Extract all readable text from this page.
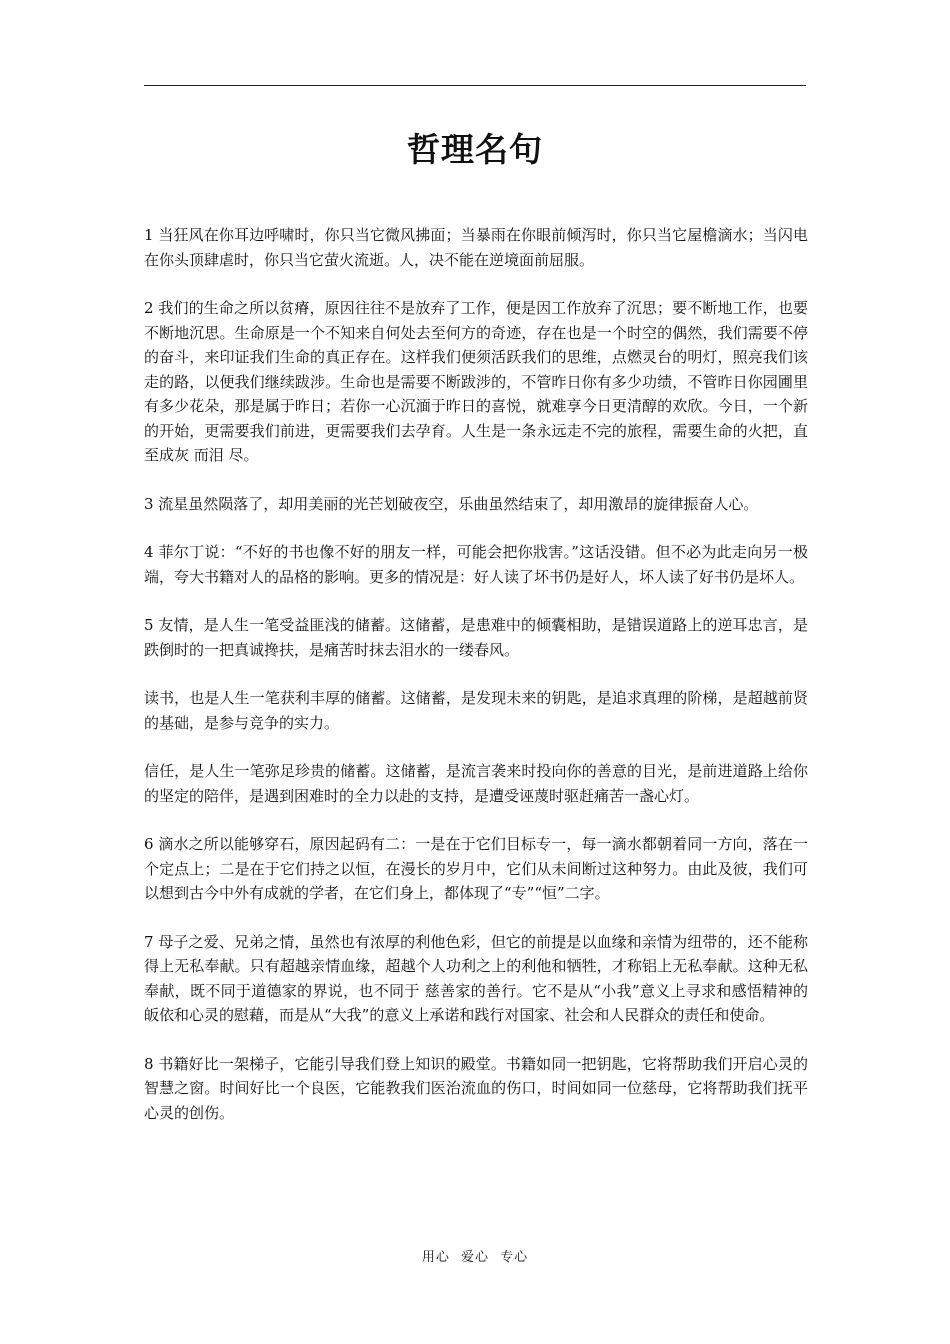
哲理名句

1 当狂风在你耳边呼啸时，你只当它微风拂面；当暴雨在你眼前倾泻时，你只当它屋檐滴水；当闪电在你头顶肆虐时，你只当它萤火流逝。人，决不能在逆境面前屈服。

2 我们的生命之所以贫瘠，原因往往不是放弃了工作，便是因工作放弃了沉思；要不断地工作，也要不断地沉思。生命原是一个不知来自何处去至何方的奇迹，存在也是一个时空的偶然，我们需要不停的奋斗，来印证我们生命的真正存在。这样我们便须活跃我们的思维，点燃灵台的明灯，照亮我们该走的路，以便我们继续跋涉。生命也是需要不断跋涉的，不管昨日你有多少功绩，不管昨日你园圃里有多少花朵，那是属于昨日；若你一心沉湎于昨日的喜悦，就难享今日更清醇的欢欣。今日，一个新的开始，更需要我们前进，更需要我们去孕育。人生是一条永远走不完的旅程，需要生命的火把，直至成灰 而泪 尽。

3 流星虽然陨落了，却用美丽的光芒划破夜空，乐曲虽然结束了，却用激昂的旋律振奋人心。

4 菲尔丁说：“不好的书也像不好的朋友一样，可能会把你戕害。”这话没错。但不必为此走向另一极端，夸大书籍对人的品格的影响。更多的情况是：好人读了坏书仍是好人，坏人读了好书仍是坏人。

5 友情，是人生一笔受益匪浅的储蓄。这储蓄，是患难中的倾囊相助，是错误道路上的逆耳忠言，是跌倒时的一把真诚搀扶，是痛苦时抹去泪水的一缕春风。

读书，也是人生一笔获利丰厚的储蓄。这储蓄，是发现未来的钥匙，是追求真理的阶梯，是超越前贤的基础，是参与竞争的实力。

信任，是人生一笔弥足珍贵的储蓄。这储蓄，是流言袭来时投向你的善意的目光，是前进道路上给你的坚定的陪伴，是遇到困难时的全力以赴的支持，是遭受诬蔑时驱赶痛苦一盏心灯。

6 滴水之所以能够穿石，原因起码有二：一是在于它们目标专一，每一滴水都朝着同一方向，落在一个定点上；二是在于它们持之以恒，在漫长的岁月中，它们从未间断过这种努力。由此及彼，我们可以想到古今中外有成就的学者，在它们身上，都体现了“专”“恒”二字。

7 母子之爱、兄弟之情，虽然也有浓厚的利他色彩，但它的前提是以血缘和亲情为纽带的，还不能称得上无私奉献。只有超越亲情血缘，超越个人功利之上的利他和牺牲，才称铝上无私奉献。这种无私奉献，既不同于道德家的界说，也不同于 慈善家的善行。它不是从“小我”意义上寻求和感悟精神的皈依和心灵的慰藉，而是从“大我”的意义上承诺和践行对国家、社会和人民群众的责任和使命。

8 书籍好比一架梯子，它能引导我们登上知识的殿堂。书籍如同一把钥匙，它将帮助我们开启心灵的智慧之窗。时间好比一个良医，它能教我们医治流血的伤口，时间如同一位慈母，它将帮助我们抚平心灵的创伤。

用心 爱心 专心
